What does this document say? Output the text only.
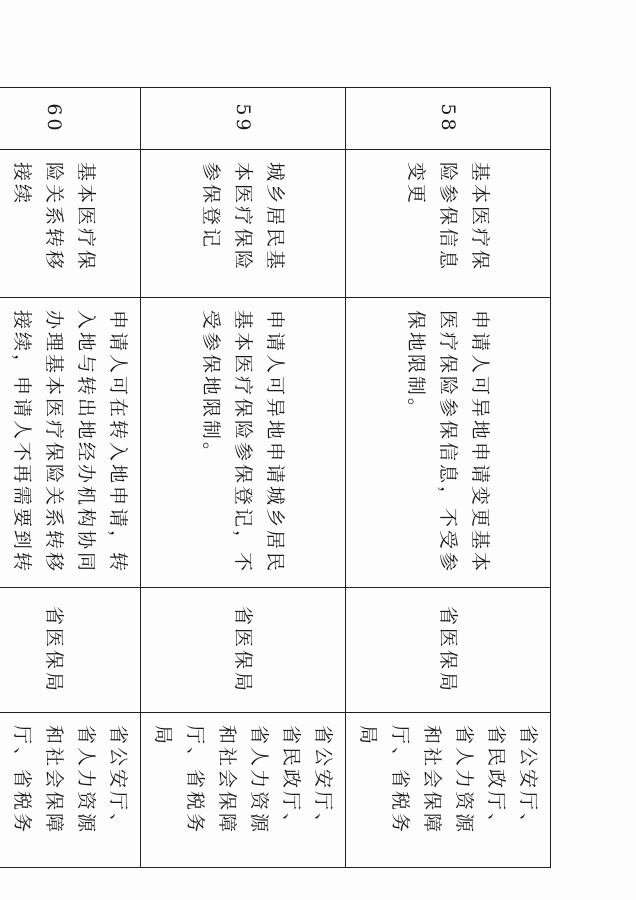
58	基本医疗保险参保信息变更	申请人可异地申请变更基本医疗保险参保信息，不受参保地限制。	省医保局	省公安厅、省民政厅、省人力资源和社会保障厅、省税务局
59	城乡居民基本医疗保险参保登记	申请人可异地申请城乡居民基本医疗保险参保登记，不受参保地限制。	省医保局	省公安厅、省民政厅、省人力资源和社会保障厅、省税务局
60	基本医疗保险关系转移接续	申请人可在转入地申请，转入地与转出地经办机构协同办理基本医疗保险关系转移接续，申请人不再需要到转	省医保局	省公安厅、省人力资源和社会保障厅、省税务
